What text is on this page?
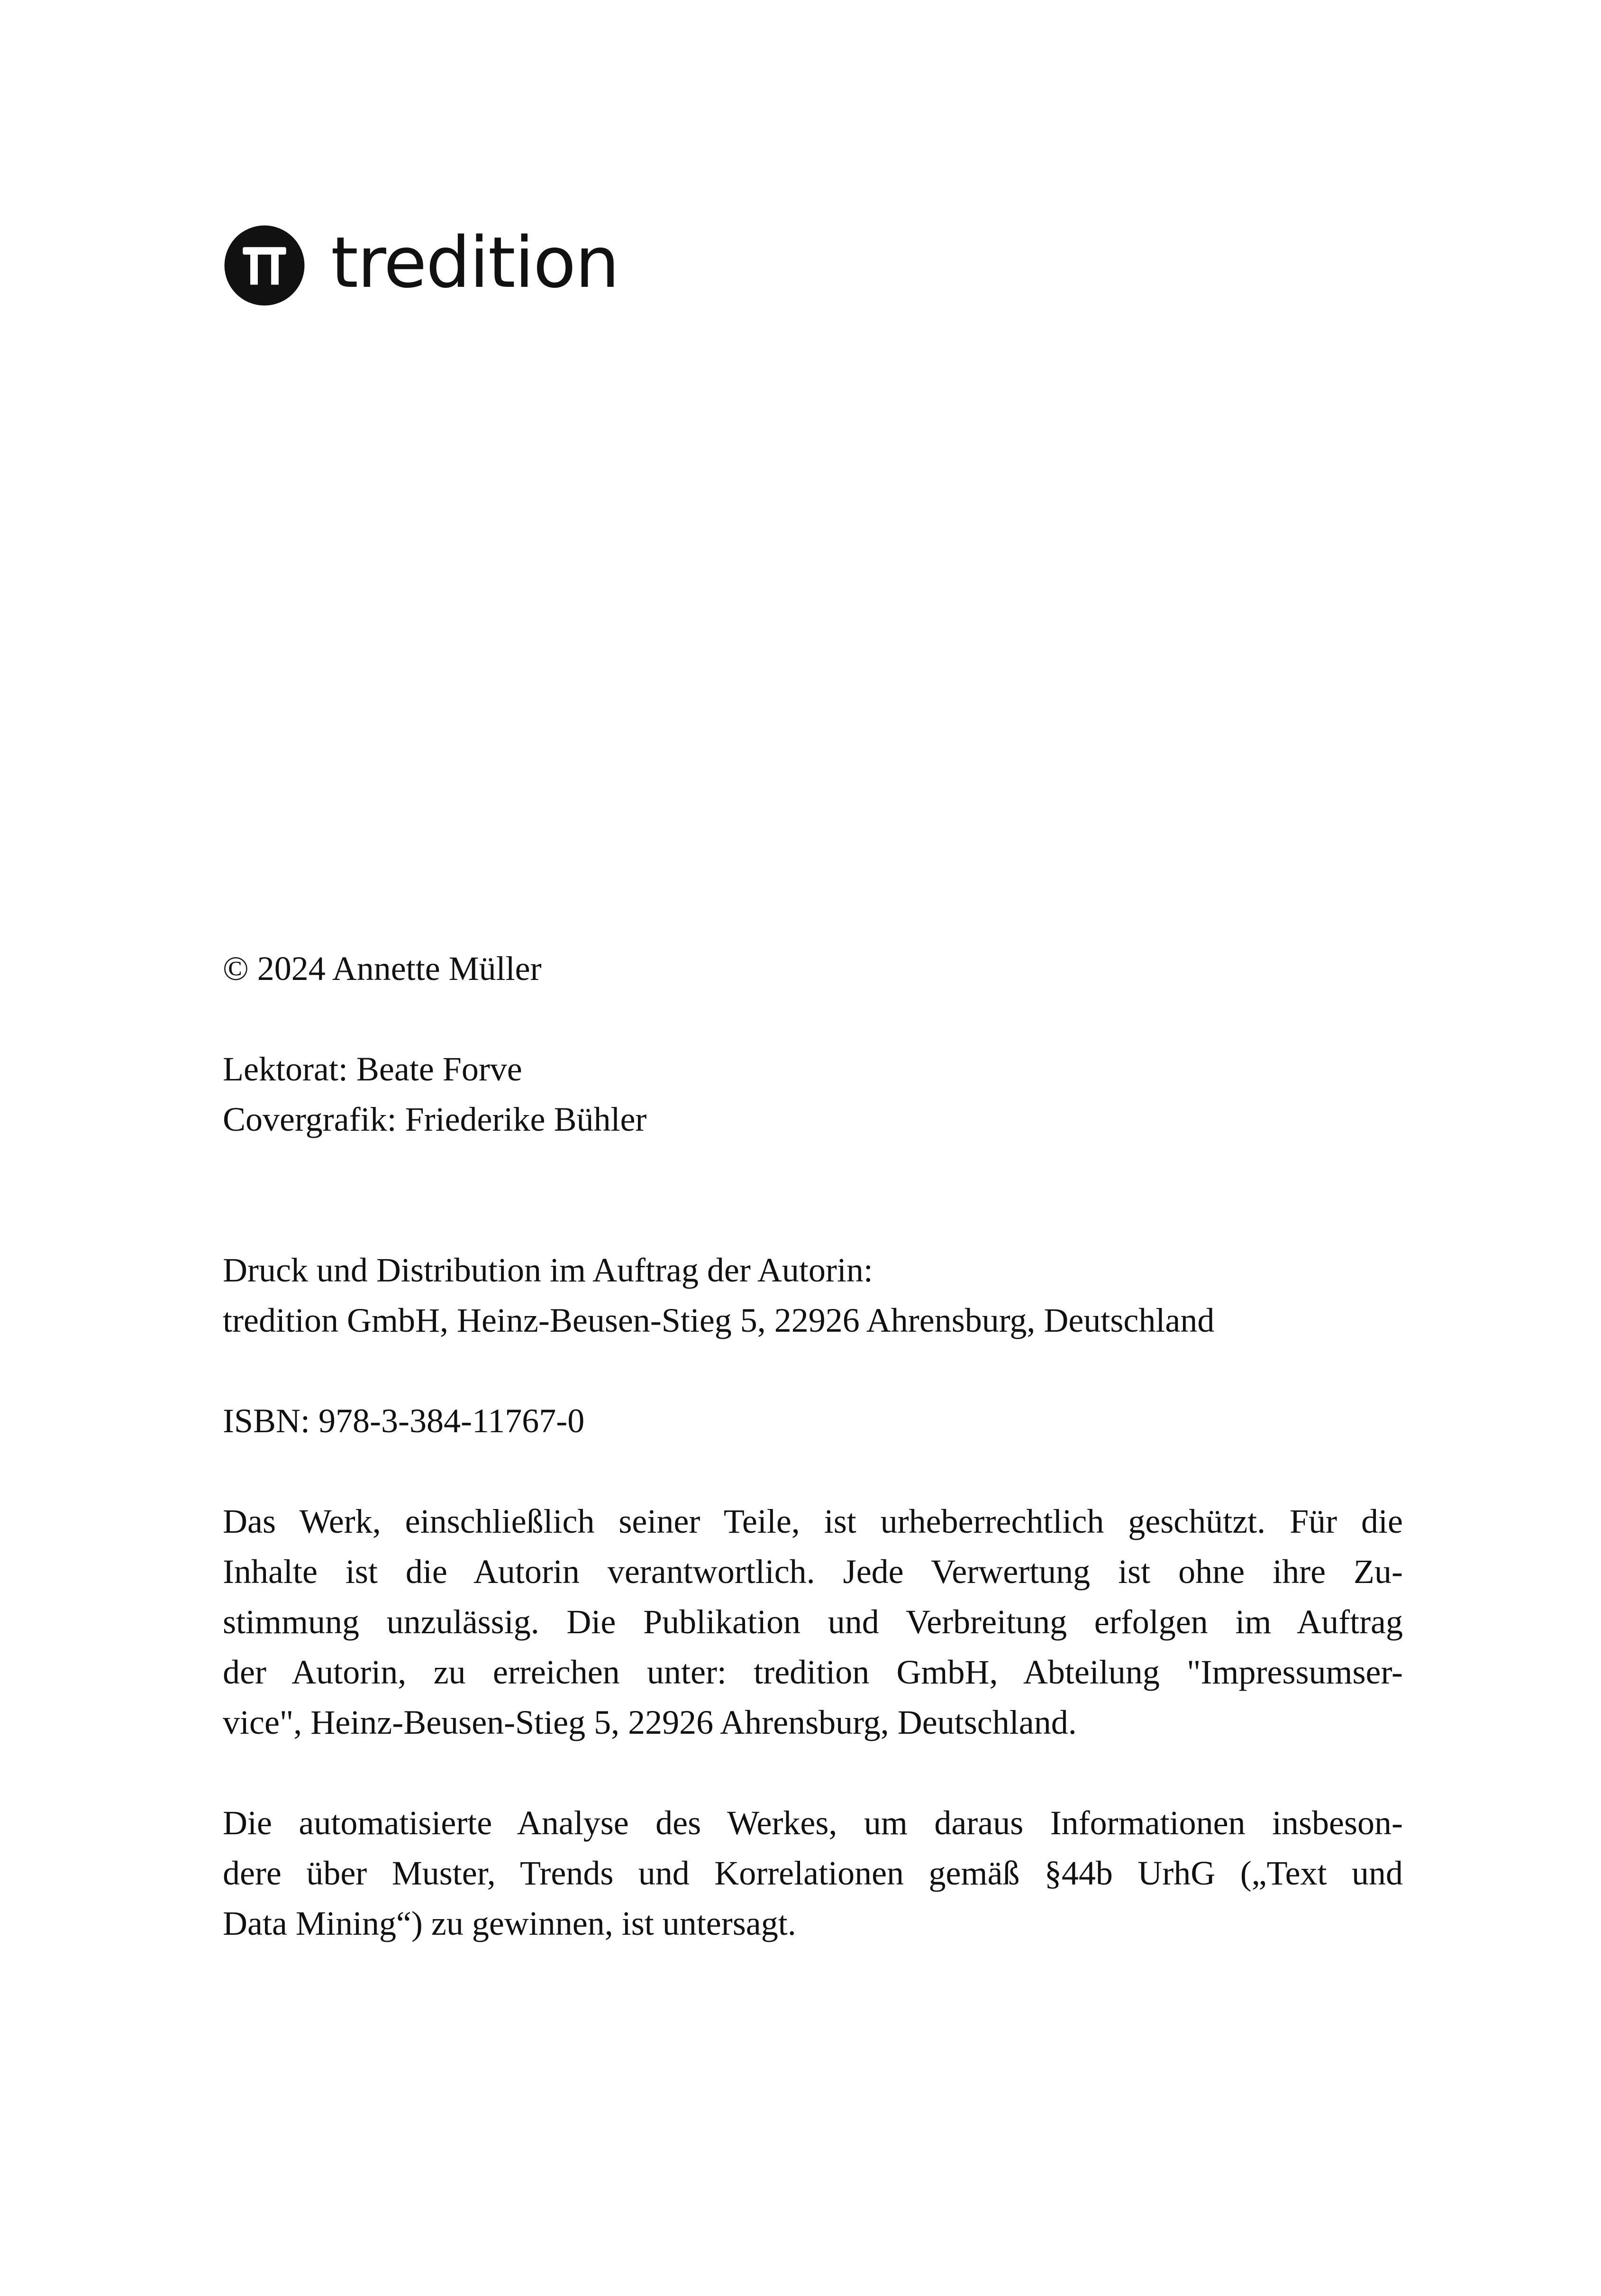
tredition
© 2024 Annette Müller
Lektorat: Beate Forve
Covergrafik: Friederike Bühler
Druck und Distribution im Auftrag der Autorin:
tredition GmbH, Heinz-Beusen-Stieg 5, 22926 Ahrensburg, Deutschland
ISBN: 978-3-384-11767-0
Das Werk, einschließlich seiner Teile, ist urheberrechtlich geschützt. Für die
Inhalte ist die Autorin verantwortlich. Jede Verwertung ist ohne ihre Zu-
stimmung unzulässig. Die Publikation und Verbreitung erfolgen im Auftrag
der Autorin, zu erreichen unter: tredition GmbH, Abteilung "Impressumser-
vice", Heinz-Beusen-Stieg 5, 22926 Ahrensburg, Deutschland.
Die automatisierte Analyse des Werkes, um daraus Informationen insbeson-
dere über Muster, Trends und Korrelationen gemäß §44b UrhG („Text und
Data Mining“) zu gewinnen, ist untersagt.
